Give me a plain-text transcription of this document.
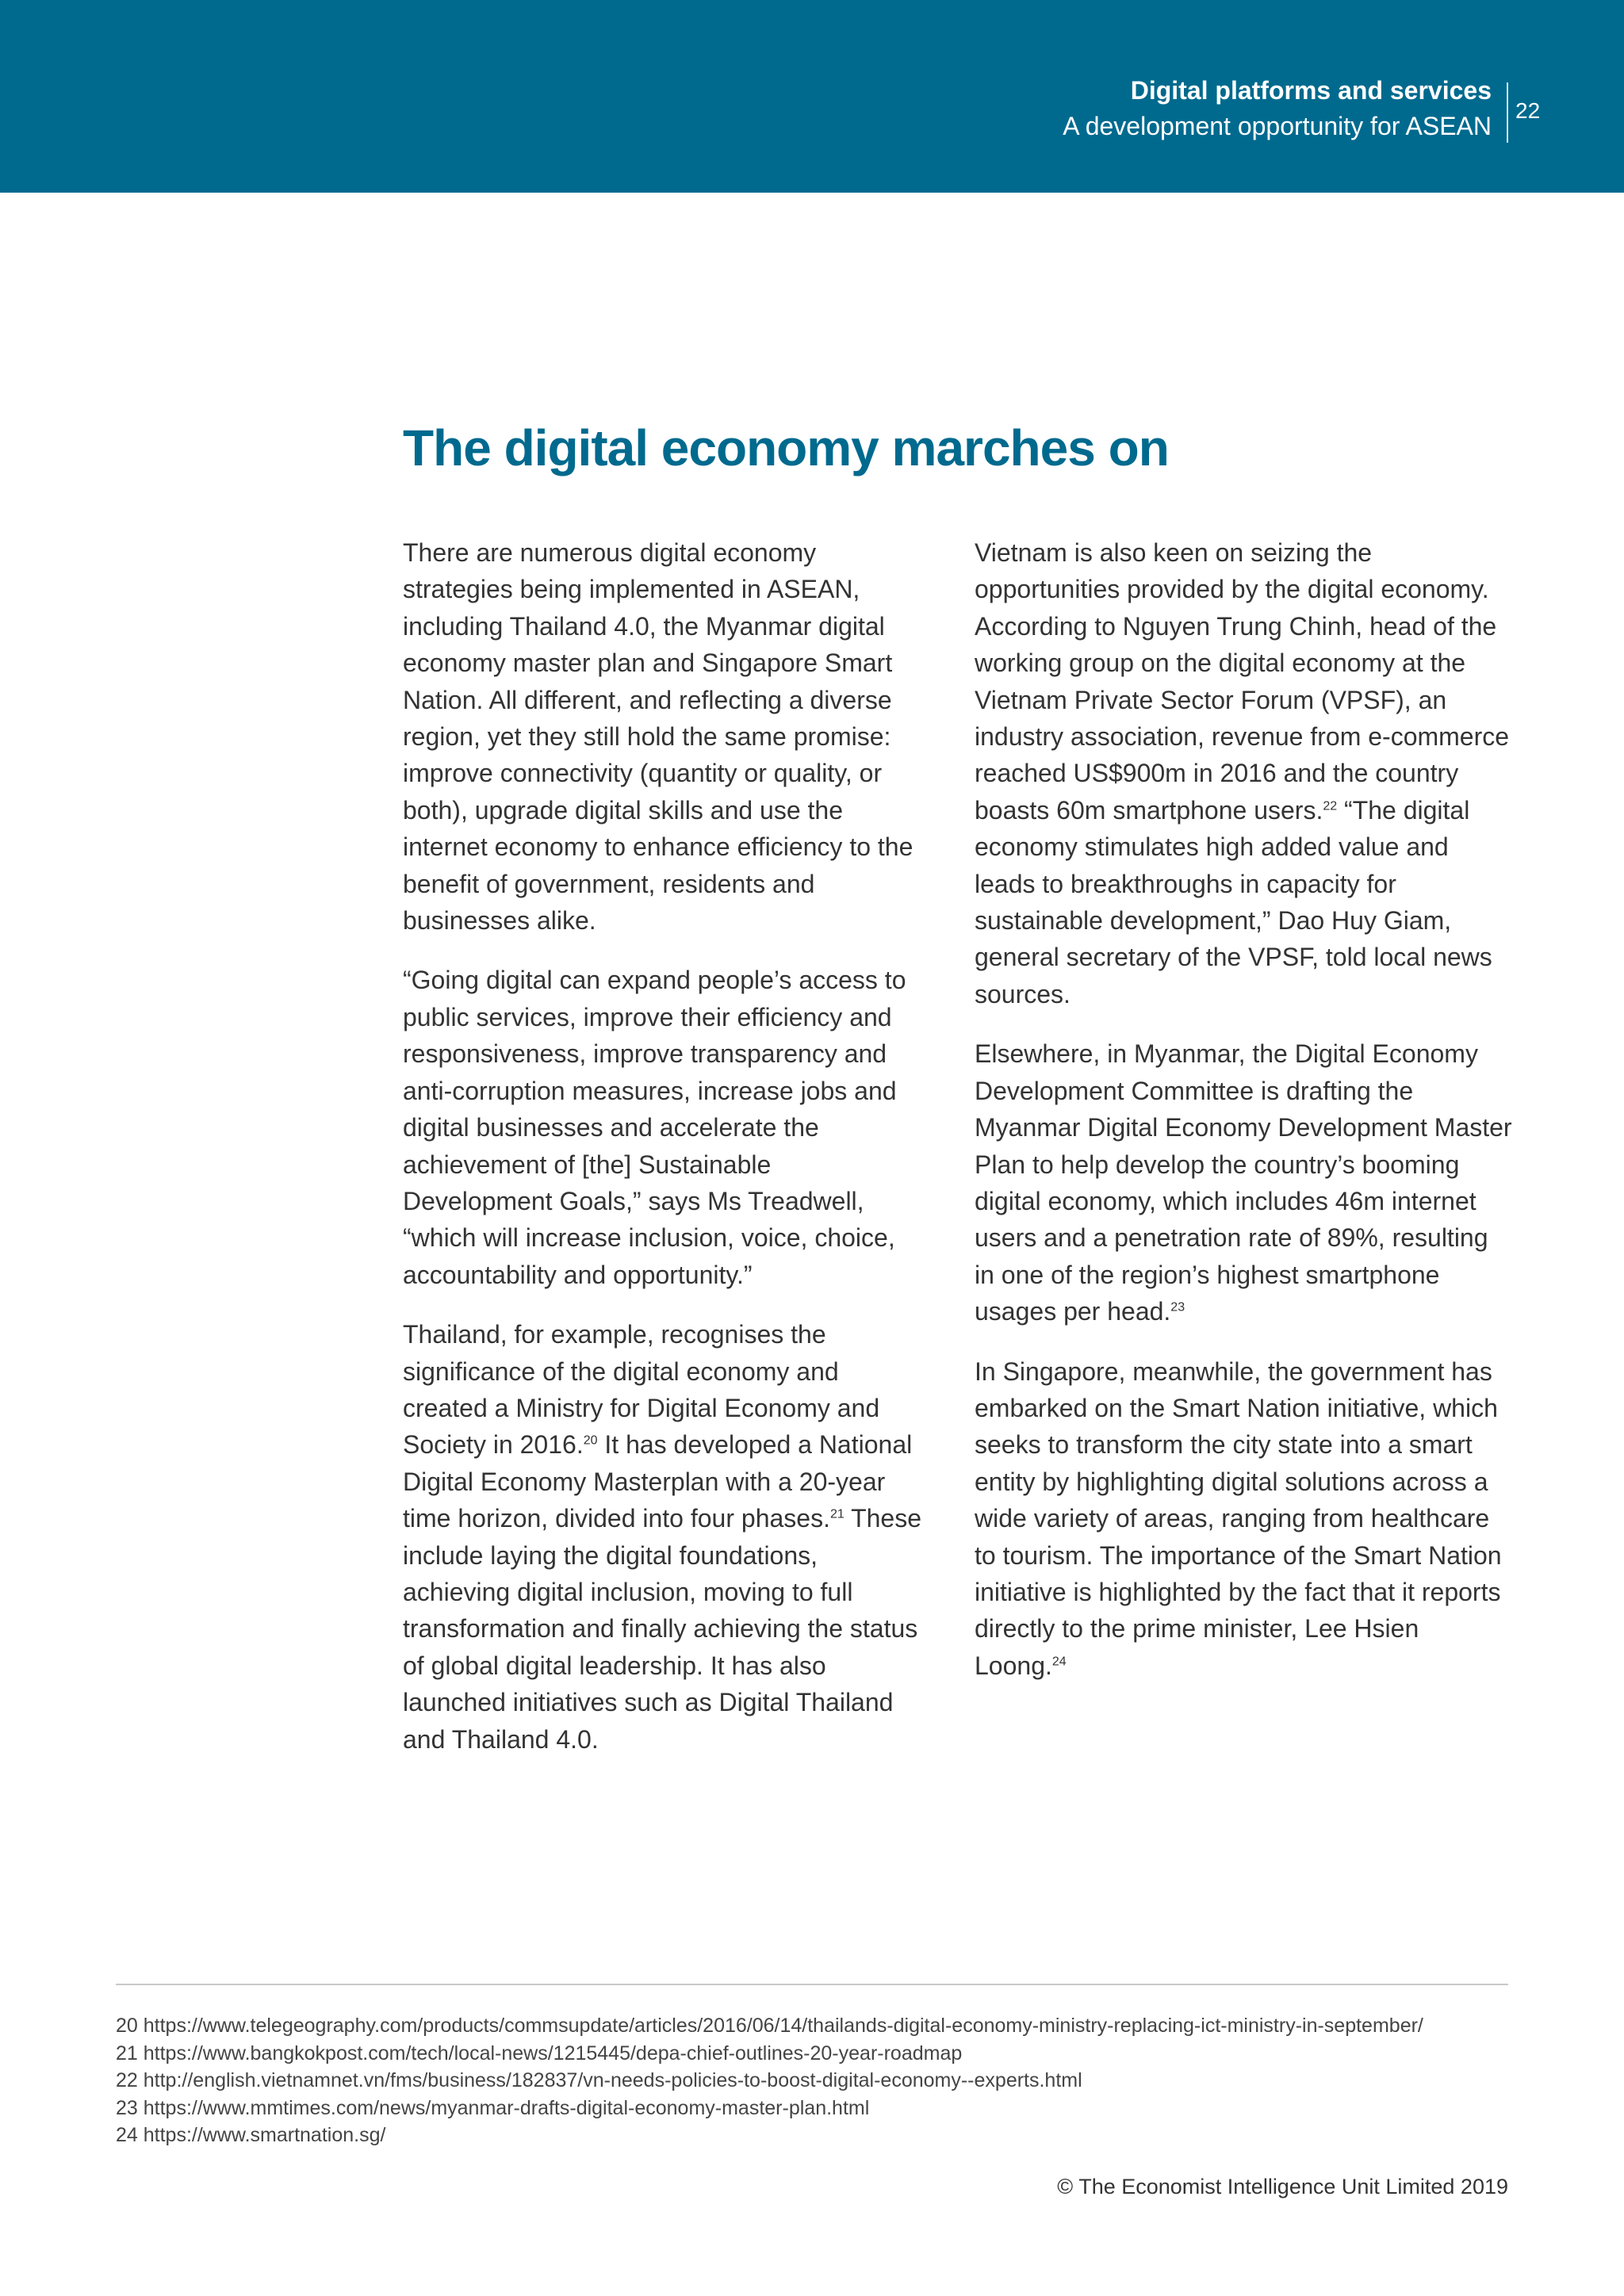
Digital platforms and services
A development opportunity for ASEAN
22
The digital economy marches on

There are numerous digital economy strategies being implemented in ASEAN, including Thailand 4.0, the Myanmar digital economy master plan and Singapore Smart Nation. All different, and reflecting a diverse region, yet they still hold the same promise: improve connectivity (quantity or quality, or both), upgrade digital skills and use the internet economy to enhance efficiency to the benefit of government, residents and businesses alike.

“Going digital can expand people’s access to public services, improve their efficiency and responsiveness, improve transparency and anti-corruption measures, increase jobs and digital businesses and accelerate the achievement of [the] Sustainable Development Goals,” says Ms Treadwell, “which will increase inclusion, voice, choice, accountability and opportunity.”

Thailand, for example, recognises the significance of the digital economy and created a Ministry for Digital Economy and Society in 2016.20 It has developed a National Digital Economy Masterplan with a 20-year time horizon, divided into four phases.$^{21}$ These include laying the digital foundations, achieving digital inclusion, moving to full transformation and finally achieving the status of global digital leadership. It has also launched initiatives such as Digital Thailand and Thailand 4.0.

Vietnam is also keen on seizing the opportunities provided by the digital economy. According to Nguyen Trung Chinh, head of the working group on the digital economy at the Vietnam Private Sector Forum (VPSF), an industry association, revenue from e-commerce reached US$900m in 2016 and the country boasts 60m smartphone users.$^{22}$ “The digital economy stimulates high added value and leads to breakthroughs in capacity for sustainable development,” Dao Huy Giam, general secretary of the VPSF, told local news sources.

Elsewhere, in Myanmar, the Digital Economy Development Committee is drafting the Myanmar Digital Economy Development Master Plan to help develop the country’s booming digital economy, which includes 46m internet users and a penetration rate of 89%, resulting in one of the region’s highest smartphone usages per head.$^{23}$

In Singapore, meanwhile, the government has embarked on the Smart Nation initiative, which seeks to transform the city state into a smart entity by highlighting digital solutions across a wide variety of areas, ranging from healthcare to tourism. The importance of the Smart Nation initiative is highlighted by the fact that it reports directly to the prime minister, Lee Hsien Loong.$^{24}$

20 https://www.telegeography.com/products/commsupdate/articles/2016/06/14/thailands-digital-economy-ministry-replacing-ict-ministry-in-september/
21 https://www.bangkokpost.com/tech/local-news/1215445/depa-chief-outlines-20-year-roadmap
22 http://english.vietnamnet.vn/fms/business/182837/vn-needs-policies-to-boost-digital-economy--experts.html
23 https://www.mmtimes.com/news/myanmar-drafts-digital-economy-master-plan.html
24 https://www.smartnation.sg/
© The Economist Intelligence Unit Limited 2019
